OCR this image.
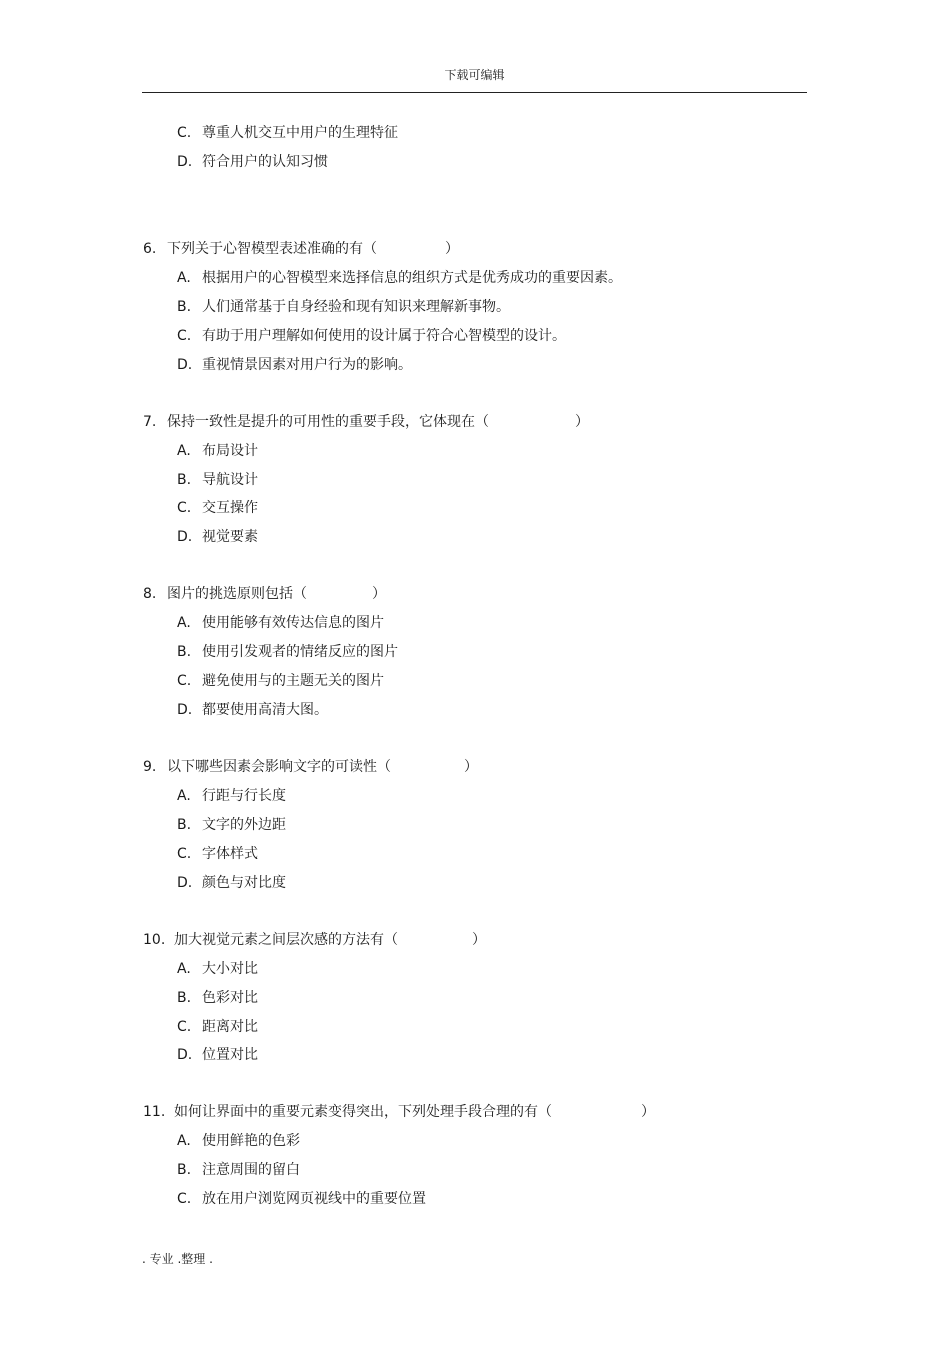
下载可编辑
C. 尊重人机交互中用户的生理特征
D. 符合用户的认知习惯
6. 下列关于心智模型表述准确的有（	）
A. 根据用户的心智模型来选择信息的组织方式是优秀成功的重要因素。
B. 人们通常基于自身经验和现有知识来理解新事物。
C. 有助于用户理解如何使用的设计属于符合心智模型的设计。
D. 重视情景因素对用户行为的影响。
7. 保持一致性是提升的可用性的重要手段，它体现在（	）
A. 布局设计
B. 导航设计
C. 交互操作
D. 视觉要素
8. 图片的挑选原则包括（	）
A. 使用能够有效传达信息的图片
B. 使用引发观者的情绪反应的图片
C. 避免使用与的主题无关的图片
D. 都要使用高清大图。
9. 以下哪些因素会影响文字的可读性（	）
A. 行距与行长度
B. 文字的外边距
C. 字体样式
D. 颜色与对比度
10. 加大视觉元素之间层次感的方法有（	）
A. 大小对比
B. 色彩对比
C. 距离对比
D. 位置对比
11. 如何让界面中的重要元素变得突出，下列处理手段合理的有（	）
A. 使用鲜艳的色彩
B. 注意周围的留白
C. 放在用户浏览网页视线中的重要位置
. 专业 .整理 .
